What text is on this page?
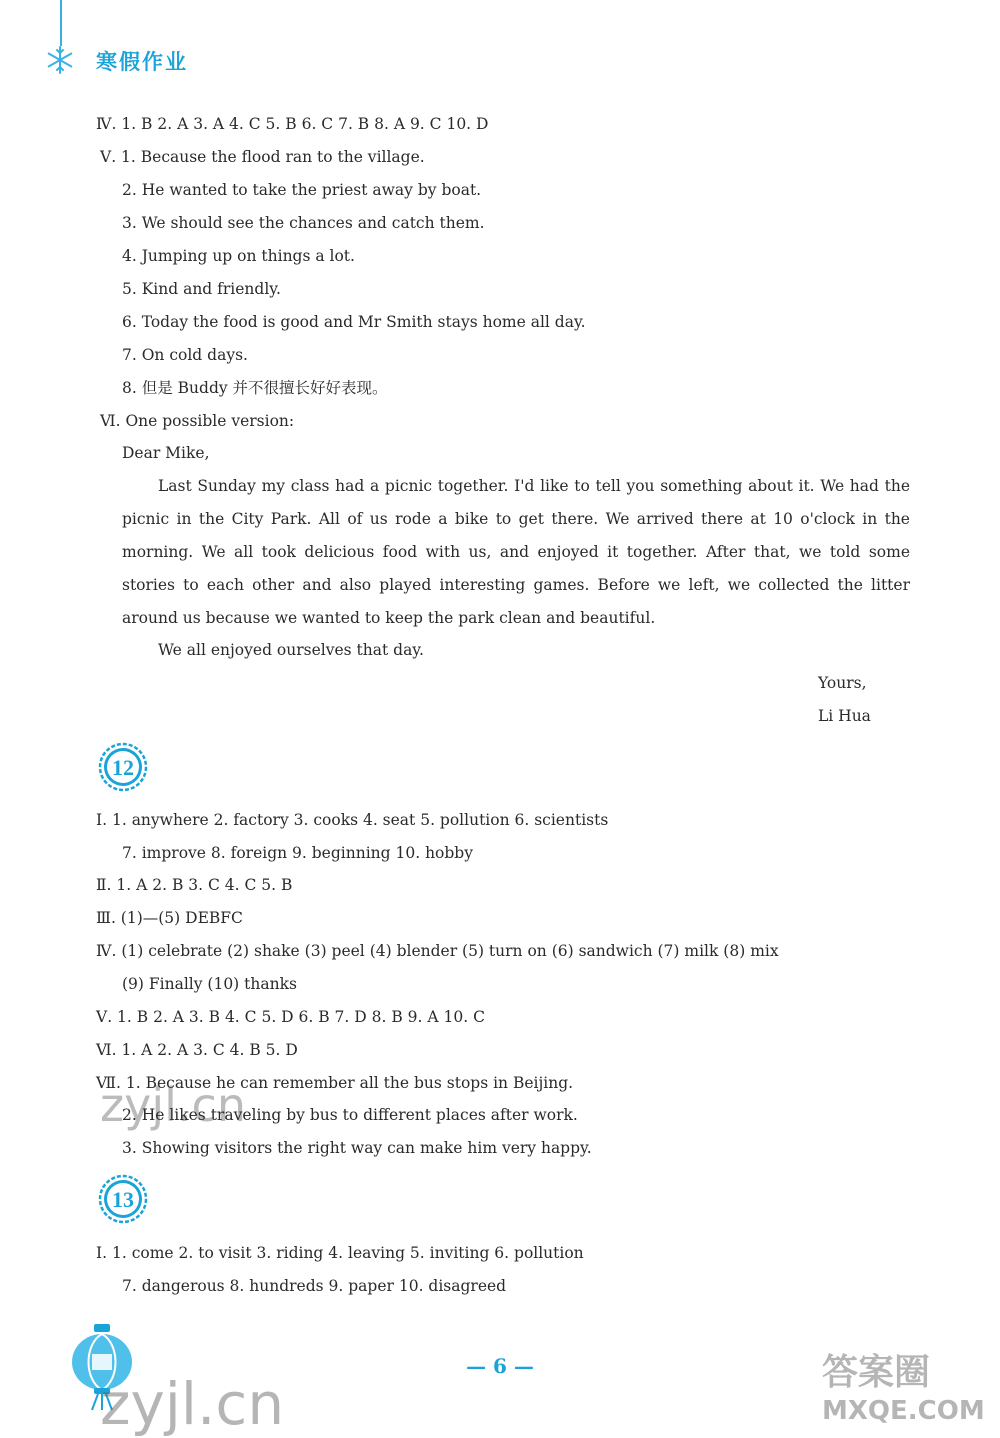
寒假作业
Ⅳ. 1. B 2. A 3. A 4. C 5. B 6. C 7. B 8. A 9. C 10. D
Ⅴ. 1. Because the flood ran to the village.
2. He wanted to take the priest away by boat.
3. We should see the chances and catch them.
4. Jumping up on things a lot.
5. Kind and friendly.
6. Today the food is good and Mr Smith stays home all day.
7. On cold days.
8. 但是 Buddy 并不很擅长好好表现。
Ⅵ. One possible version:
Dear Mike,
Last Sunday my class had a picnic together. I'd like to tell you something about it. We had the picnic in the City Park. All of us rode a bike to get there. We arrived there at 10 o'clock in the morning. We all took delicious food with us, and enjoyed it together. After that, we told some stories to each other and also played interesting games. Before we left, we collected the litter around us because we wanted to keep the park clean and beautiful.
We all enjoyed ourselves that day.
Yours,
Li Hua
12
Ⅰ. 1. anywhere 2. factory 3. cooks 4. seat 5. pollution 6. scientists
7. improve 8. foreign 9. beginning 10. hobby
Ⅱ. 1. A 2. B 3. C 4. C 5. B
Ⅲ. (1)—(5) DEBFC
Ⅳ. (1) celebrate (2) shake (3) peel (4) blender (5) turn on (6) sandwich (7) milk (8) mix
(9) Finally (10) thanks
Ⅴ. 1. B 2. A 3. B 4. C 5. D 6. B 7. D 8. B 9. A 10. C
Ⅵ. 1. A 2. A 3. C 4. B 5. D
Ⅶ. 1. Because he can remember all the bus stops in Beijing.
2. He likes traveling by bus to different places after work.
3. Showing visitors the right way can make him very happy.
zyjl.cn
13
Ⅰ. 1. come 2. to visit 3. riding 4. leaving 5. inviting 6. pollution
7. dangerous 8. hundreds 9. paper 10. disagreed
— 6 —
zyjl.cn	答案圈
MXQE.COM
